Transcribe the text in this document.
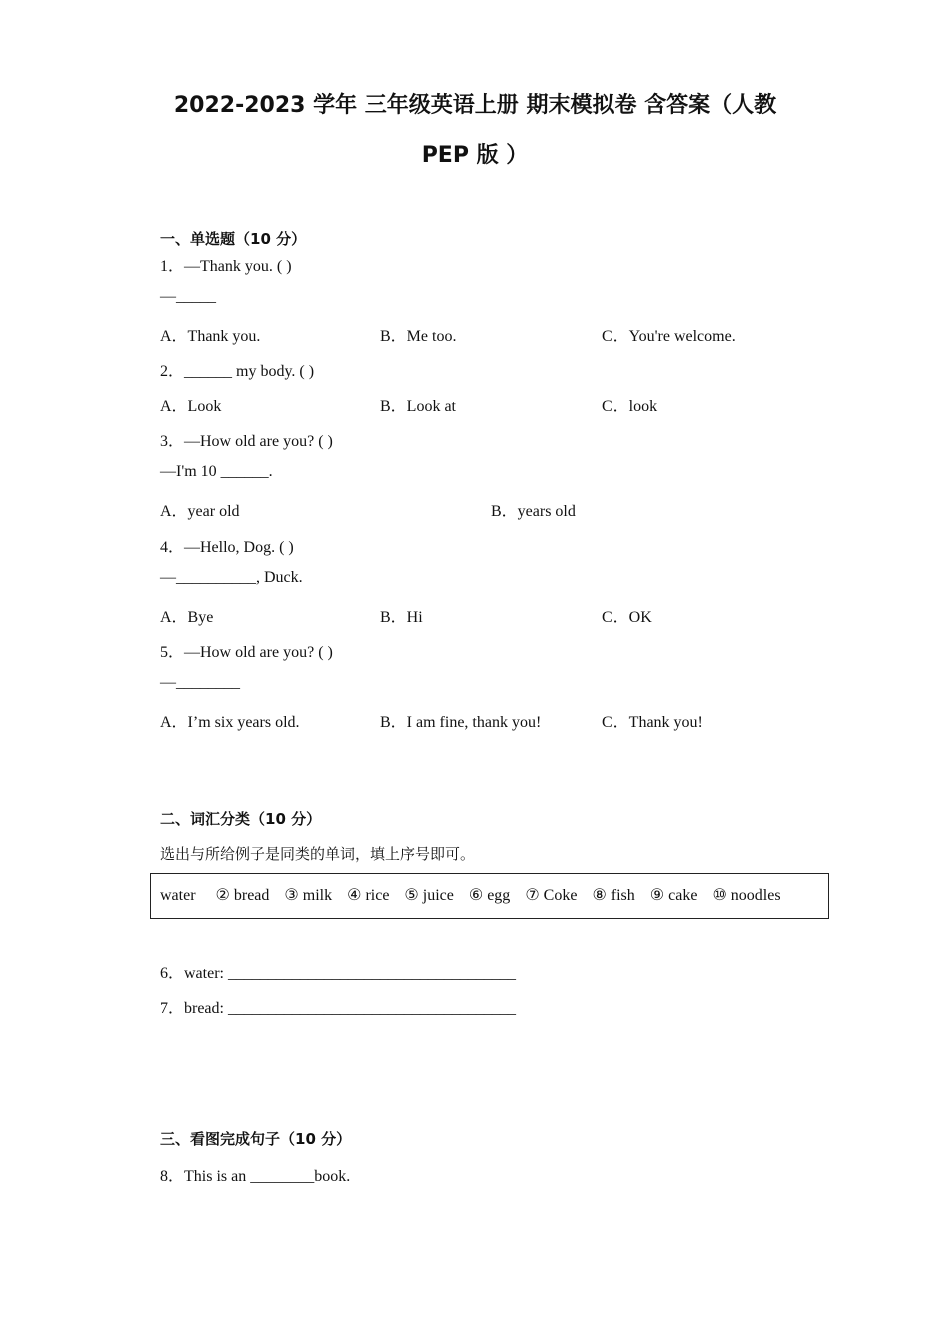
2022-2023 学年 三年级英语上册 期末模拟卷 含答案（人教
PEP 版 ）
一、单选题（10 分）
1．—Thank you. ( )
—_____
A．Thank you.	B．Me too.	C．You're welcome.
2．______ my body. ( )
A．Look	B．Look at	C．look
3．—How old are you? ( )
—I'm 10 ______.
A．year old	B．years old
4．—Hello, Dog. ( )
—__________, Duck.
A．Bye	B．Hi	C．OK
5．—How old are you? ( )
—________
A．I’m six years old.	B．I am fine, thank you!	C．Thank you!
二、词汇分类（10 分）
选出与所给例子是同类的单词，填上序号即可。
water ② bread ③ milk ④ rice ⑤ juice ⑥ egg ⑦ Coke ⑧ fish ⑨ cake ⑩ noodles
6．water: ____________________________________
7．bread: ____________________________________
三、看图完成句子（10 分）
8．This is an ________book.
